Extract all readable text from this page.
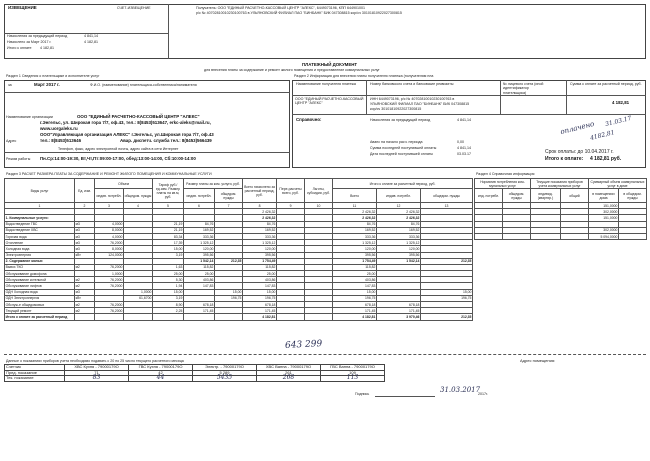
ИЗВЕЩЕНИЕ	СЧЕТ-ИЗВЕЩЕНИЕ	Получатель: ООО "ЕДИНЫЙ РАСЧЕТНО-КАССОВЫЙ ЦЕНТР "АЛЕКС", 6449073196, КПП 644901001
р/с № 40702810010230100763 в УЛЬЯНОВСКИЙ ФИЛИАЛ ПАО "БИНБАНК" БИК 047308815 кор/сч 30101810922027300815
Начисления за предыдущий период	4 841,14
Начислено за Март 2017 г.	4 182,81
Итого к оплате 4 182,81
ПЛАТЕЖНЫЙ ДОКУМЕНТ
для внесения платы за содержание и ремонт жилого помещения и предоставление коммунальных услуг
Раздел 1 Сведения о плательщике и исполнителе услуг
за	Март 2017 г.	Ф.И.О. (наименование) плательщика-собственника/нанимателя
Наименование организации	ООО "ЕДИНЫЙ РАСЧЕТНО-КАССОВЫЙ ЦЕНТР "АЛЕКС"
г.Энгельс, ул. Широкая гора 7/7, оф.43, тел.: 8(8453)513647, erkc-aleks@mail.ru,
www.uorgaleks.ru
ООО"Управляющая организация АЛЕКС" г.Энгельс, ул.Широкая гора 7/7, оф.43
Адрес	тел.: 8(8453)513646	Авар. диспетч. служба тел.: 8(8453)566439
Телефон, факс, адрес электронной почты, адрес сайта в сети Интернет
Режим работы Пн.Ср:14:00-19:30, Вт,Чт,Пт:09:00-17:00, обед:13:00-14:00, Сб:10:00-14:00
Раздел 2 Информация для внесения платы получателю платежа (получателям пла
Наименование получателя платежа	Номер банковского счета и банковские реквизиты	№ лицевого счета (иной идентификатор плательщика)
Сумма к оплате за расчетный период, руб.
ООО "ЕДИНЫЙ РАСЧЕТНО-КАССОВЫЙ ЦЕНТР "АЛЕКС"
ИНН 6449073196, р/с № 40702810010230100763 в
УЛЬЯНОВСКИЙ ФИЛИАЛ ПАО "БИНБАНК" БИК 047308815
кор/сч 30101810922027300815
4 182,81
Справочно:	Начисления за предыдущий период	4 841,14
Аванс на начало расч. периода	0,00
Сумма последней поступившей оплаты	4 841,14
Дата последней поступившей оплаты	03.03.17	Срок оплаты: до 10.04.2017 г.
Итого к оплате: 4 182,81 руб.
оплачено
4182,81
31.03.17
Раздел 3 РАСЧЕТ РАЗМЕРА ПЛАТЫ ЗА СОДЕРЖАНИЕ И РЕМОНТ ЖИЛОГО ПОМЕЩЕНИЯ И КОММУНАЛЬНЫЕ УСЛУГИ
Виды услуг	Ед. изм.	Объем		Тариф руб./ед.изм. Размер платы на кв.м, руб.	Размер платы за ком. услуги, руб.		Всего начислено за расчетный период, руб.	Пере-расчеты всего, руб.	Льготы, субсидии, руб.	Итого к оплате за расчетный период, руб.		
		индив. потребл.	общедом. нужды		индив. потребл.	общедом. нужды				Всего	индив. потребл.	общедом. нужды
1	2	3	4	5	6	7	8	9	10	11	12	13
							2 426,32			2 426,32	2 426,32	
1. Коммунальные услуги:							2 426,32			2 426,32	2 426,32	
Водоотведение ГВС	м3	4,0000		21,19	84,76		84,76			84,76	84,76	
Водоотведение ХВС	м3	8,0000		21,19	169,52		169,52			169,52	169,52	
Горячая вода	м3	4,0000		83,34	333,36		333,36			333,36	333,36	
Отопление	м3	76,2000		17,39	1 325,12		1 325,12			1 325,12	1 325,12	
Холодная вода	м3	8,0000		15,00	120,00		120,00			120,00	120,00	
Электроэнергия	кВт	124,0000		3,19	395,56		395,56			395,56	395,56	
2. Содержание жилья:					1 542,14	212,35	1 754,49			1 754,49	1 542,14	212,35
Вывоз ТКО	м2	76,2000		1,63	115,82		115,82			115,82		
Обслуживание домофона		1,0000		25,00	25,00		25,00			25,00		
Обслуживание котельной	м2	76,2000		5,30	403,86		403,86			403,86		
Обслуживание лифтов	м2	76,2000		1,94	147,83		147,83			147,83		
ОДН Холодная вода	м3		1,0000	15,00		15,00	15,00			15,00		15,00
ОДН Электроэнергия	кВт		61,6700	3,19		196,75	196,75			196,75		196,75
Обслуж-е общедомовых	м2	76,2000		8,90	678,18		678,18			678,18	678,18	
Текущий ремонт	м2	76,2000		2,25	171,45		171,45			171,45	171,45	
Итого к оплате за расчетный период							4 182,81			4 182,81	3 970,46	212,35
Раздел 4 Справочная информация
Норматив потребления ком-мунальных услуг		Текущие показания приборов учета коммунальных услуг		Суммарный объем коммунальных услуг в доме	
инд. потребл.	общедом. нужды	индивид. (квартир.)	общий	в помещениях дома	в общедом. нужды
				151,0000	
				302,0000	
				151,0000	

				302,0000	
				5 094,0000	
643 299
Данные о показаниях приборов учета необходимо подавать с 20 по 25 число текущего расчетного месяца	Адрес помещения:
Счетчик	ХВС Кухня - 79000179О	ГВС Кухня - 79000179О	Электр. - 79000179О	ХВС Ванна - 79000179О	ГВС Ванна - 79000179О
Пред. показание	71	42	5 289	261	109
Тек. показание	83	44	5435	268	113
Подпись	31.03.2017
2017г.
